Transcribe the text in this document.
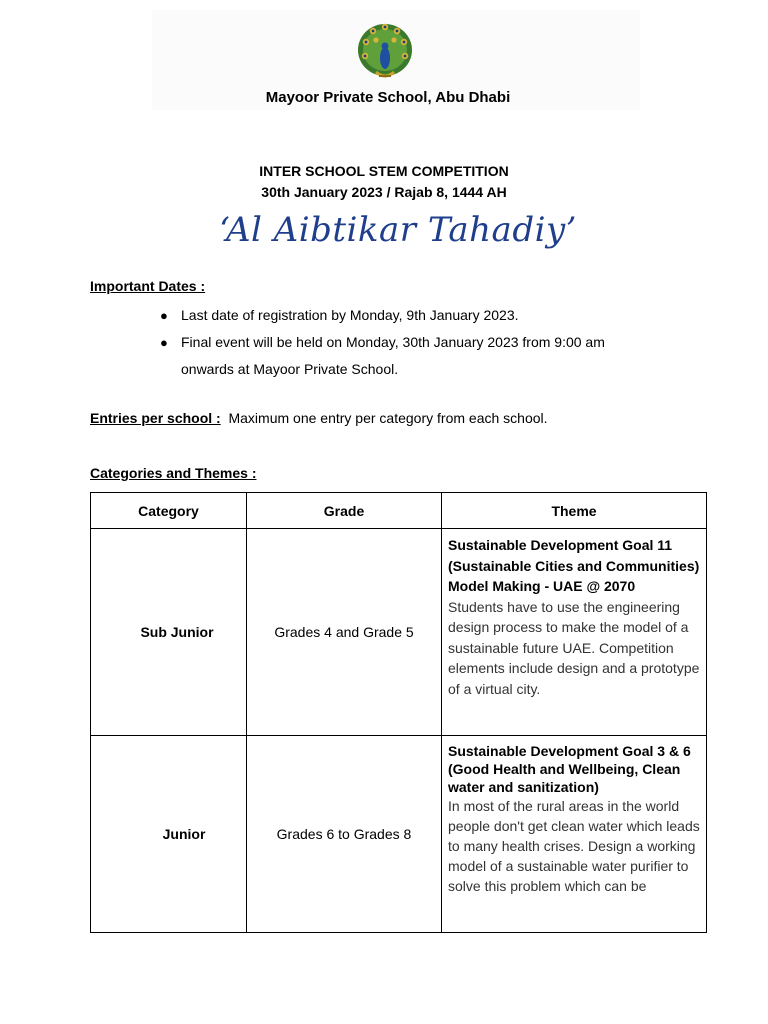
Mayoor Private School, Abu Dhabi
INTER SCHOOL STEM COMPETITION
30th January 2023 / Rajab 8, 1444 AH
‘Al Aibtikar Tahadiy’
Important Dates :
● Last date of registration by Monday, 9th January 2023.
● Final event will be held on Monday, 30th January 2023 from 9:00 am onwards at Mayoor Private School.
Entries per school : Maximum one entry per category from each school.
Categories and Themes :
Category	Grade	Theme
Sub Junior	Grades 4 and Grade 5	Sustainable Development Goal 11 (Sustainable Cities and Communities)
Model Making - UAE @ 2070
Students have to use the engineering design process to make the model of a sustainable future UAE. Competition elements include design and a prototype of a virtual city.
Junior	Grades 6 to Grades 8	Sustainable Development Goal 3 & 6 (Good Health and Wellbeing, Clean water and sanitization)
In most of the rural areas in the world people don't get clean water which leads to many health crises. Design a working model of a sustainable water purifier to solve this problem which can be
